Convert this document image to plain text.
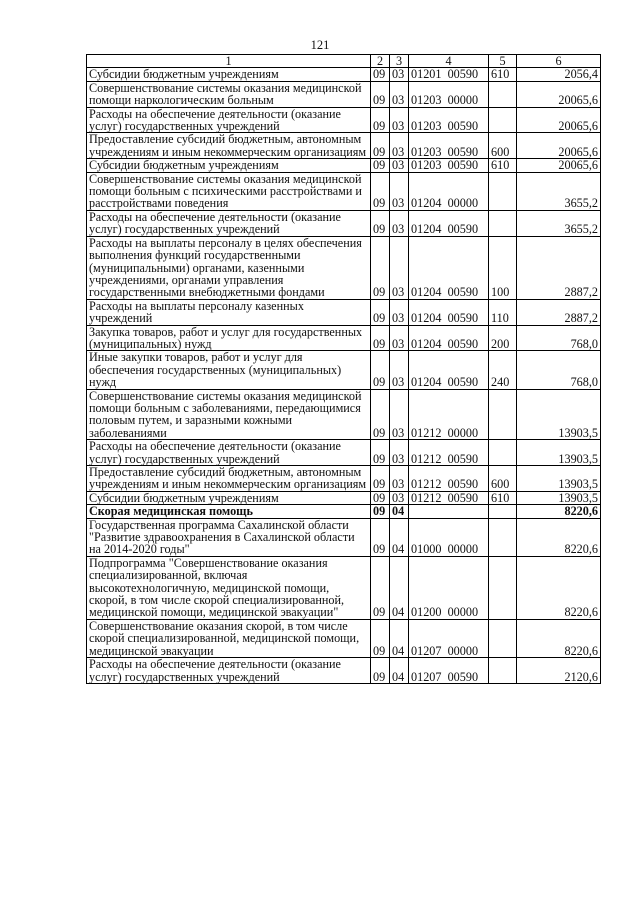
121
1	2	3	4	5	6
Субсидии бюджетным учреждениям	09	03	01201  00590	610	2056,4
Совершенствование системы оказания медицинской помощи наркологическим больным	09	03	01203  00000		20065,6
Расходы на обеспечение деятельности (оказание услуг) государственных учреждений	09	03	01203  00590		20065,6
Предоставление субсидий бюджетным, автономным учреждениям и иным некоммерческим организациям	09	03	01203  00590	600	20065,6
Субсидии бюджетным учреждениям	09	03	01203  00590	610	20065,6
Совершенствование системы оказания медицинской помощи больным с психическими расстройствами и расстройствами поведения	09	03	01204  00000		3655,2
Расходы на обеспечение деятельности (оказание услуг) государственных учреждений	09	03	01204  00590		3655,2
Расходы на выплаты персоналу в целях обеспечения выполнения функций государственными (муниципальными) органами, казенными учреждениями, органами управления государственными внебюджетными фондами	09	03	01204  00590	100	2887,2
Расходы на выплаты персоналу казенных учреждений	09	03	01204  00590	110	2887,2
Закупка товаров, работ и услуг для государственных (муниципальных) нужд	09	03	01204  00590	200	768,0
Иные закупки товаров, работ и услуг для обеспечения государственных (муниципальных) нужд	09	03	01204  00590	240	768,0
Совершенствование системы оказания медицинской помощи больным с заболеваниями, передающимися половым путем, и заразными кожными заболеваниями	09	03	01212  00000		13903,5
Расходы на обеспечение деятельности (оказание услуг) государственных учреждений	09	03	01212  00590		13903,5
Предоставление субсидий бюджетным, автономным учреждениям и иным некоммерческим организациям	09	03	01212  00590	600	13903,5
Субсидии бюджетным учреждениям	09	03	01212  00590	610	13903,5
Скорая медицинская помощь	09	04			8220,6
Государственная программа Сахалинской области "Развитие здравоохранения в Сахалинской области на 2014-2020 годы"	09	04	01000  00000		8220,6
Подпрограмма "Совершенствование оказания специализированной, включая высокотехнологичную, медицинской помощи, скорой, в том числе скорой специализированной, медицинской помощи, медицинской эвакуации"	09	04	01200  00000		8220,6
Совершенствование оказания скорой, в том числе скорой специализированной, медицинской помощи, медицинской эвакуации	09	04	01207  00000		8220,6
Расходы на обеспечение деятельности (оказание услуг) государственных учреждений	09	04	01207  00590		2120,6
